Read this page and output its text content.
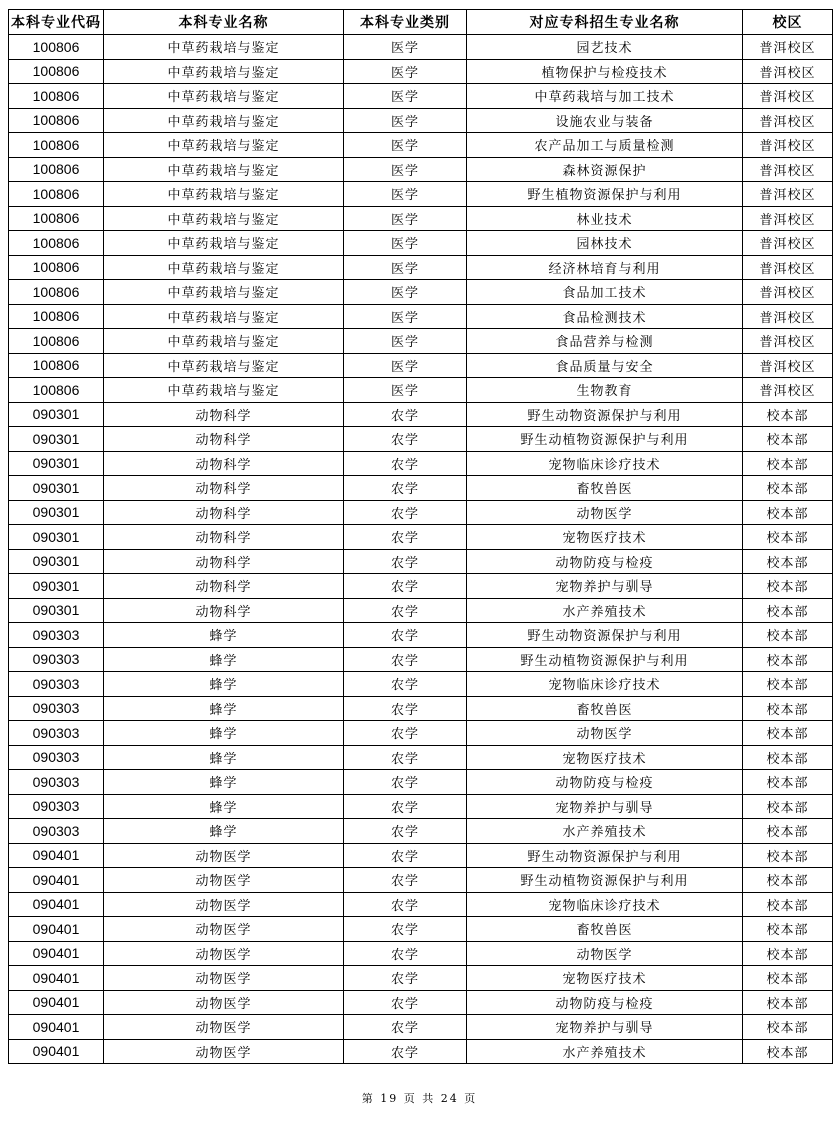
本科专业代码	本科专业名称	本科专业类别	对应专科招生专业名称	校区
100806	中草药栽培与鉴定	医学	园艺技术	普洱校区
100806	中草药栽培与鉴定	医学	植物保护与检疫技术	普洱校区
100806	中草药栽培与鉴定	医学	中草药栽培与加工技术	普洱校区
100806	中草药栽培与鉴定	医学	设施农业与装备	普洱校区
100806	中草药栽培与鉴定	医学	农产品加工与质量检测	普洱校区
100806	中草药栽培与鉴定	医学	森林资源保护	普洱校区
100806	中草药栽培与鉴定	医学	野生植物资源保护与利用	普洱校区
100806	中草药栽培与鉴定	医学	林业技术	普洱校区
100806	中草药栽培与鉴定	医学	园林技术	普洱校区
100806	中草药栽培与鉴定	医学	经济林培育与利用	普洱校区
100806	中草药栽培与鉴定	医学	食品加工技术	普洱校区
100806	中草药栽培与鉴定	医学	食品检测技术	普洱校区
100806	中草药栽培与鉴定	医学	食品营养与检测	普洱校区
100806	中草药栽培与鉴定	医学	食品质量与安全	普洱校区
100806	中草药栽培与鉴定	医学	生物教育	普洱校区
090301	动物科学	农学	野生动物资源保护与利用	校本部
090301	动物科学	农学	野生动植物资源保护与利用	校本部
090301	动物科学	农学	宠物临床诊疗技术	校本部
090301	动物科学	农学	畜牧兽医	校本部
090301	动物科学	农学	动物医学	校本部
090301	动物科学	农学	宠物医疗技术	校本部
090301	动物科学	农学	动物防疫与检疫	校本部
090301	动物科学	农学	宠物养护与驯导	校本部
090301	动物科学	农学	水产养殖技术	校本部
090303	蜂学	农学	野生动物资源保护与利用	校本部
090303	蜂学	农学	野生动植物资源保护与利用	校本部
090303	蜂学	农学	宠物临床诊疗技术	校本部
090303	蜂学	农学	畜牧兽医	校本部
090303	蜂学	农学	动物医学	校本部
090303	蜂学	农学	宠物医疗技术	校本部
090303	蜂学	农学	动物防疫与检疫	校本部
090303	蜂学	农学	宠物养护与驯导	校本部
090303	蜂学	农学	水产养殖技术	校本部
090401	动物医学	农学	野生动物资源保护与利用	校本部
090401	动物医学	农学	野生动植物资源保护与利用	校本部
090401	动物医学	农学	宠物临床诊疗技术	校本部
090401	动物医学	农学	畜牧兽医	校本部
090401	动物医学	农学	动物医学	校本部
090401	动物医学	农学	宠物医疗技术	校本部
090401	动物医学	农学	动物防疫与检疫	校本部
090401	动物医学	农学	宠物养护与驯导	校本部
090401	动物医学	农学	水产养殖技术	校本部
第 19 页 共 24 页
